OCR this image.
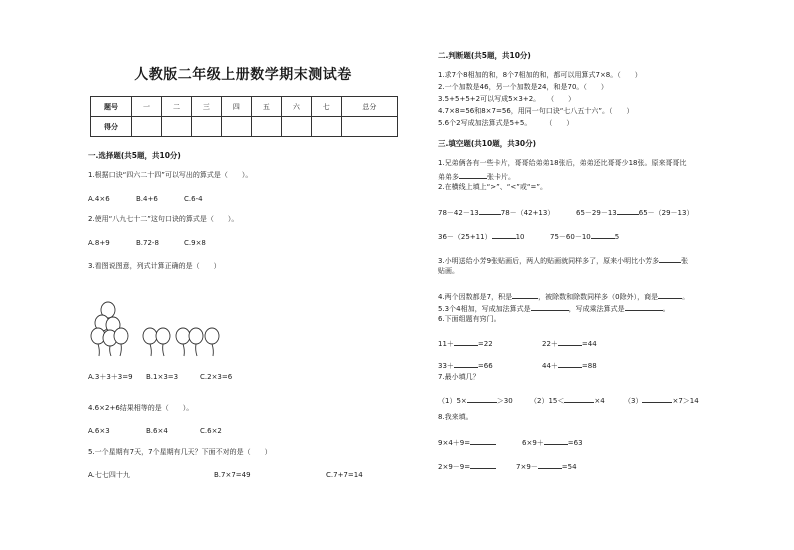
人教版二年级上册数学期末测试卷
题号	一	二	三	四	五	六	七	总分
得分								
一.选择题(共5题，共10分)
1.根据口诀“四六二十四”可以写出的算式是（　　）。
A.4×6	B.4+6	C.6-4
2.使用“八九七十二”这句口诀的算式是（　　）。
A.8+9	B.72-8	C.9×8
3.看图说图意，列式计算正确的是（　　）
A.3＋3＋3=9 B.1×3=3	C.2×3=6
4.6×2+6结果相等的是（　　）。
A.6×3	B.6×4	C.6×2
5.一个星期有7天，7个星期有几天？下面不对的是（　　）
A.七七四十九	B.7×7=49	C.7+7=14
二.判断题(共5题，共10分)
1.求7个8相加的和，8个7相加的和，都可以用算式7×8。（　　）
2.一个加数是46，另一个加数是24，和是70。（　　）
3.5+5+5+2可以写成5×3+2。　　（　　）
4.7×8=56和8×7=56，用同一句口诀“七八五十六”。（　　）
5.6个2写成加法算式是5+5。　　　（　　）
三.填空题(共10题，共30分)
1.兄弟俩各有一些卡片，哥哥给弟弟18张后，弟弟还比哥哥少18张。原来哥哥比
弟弟多	张卡片。
2.在横线上填上“>”、“<”或“=”。
78－42－13	78－（42+13）	65－29－13	65－（29－13）
36－（25+11）	10	75－60－10	5
3.小明送给小芳9张贴画后，两人的贴画就同样多了，原来小明比小芳多	张
贴画。
4.两个因数都是7，积是	，被除数和除数同样多（0除外），商是	。
5.3个4相加，写成加法算式是	，写成乘法算式是	。
6.下面组题有窍门。
11＋	=22	22＋	=44
33＋	=66	44＋	=88
7.最小填几？
（1）5×	＞30 （2）15＜	×4	（3）	×7＞14
8.我来填。
9×4＋9=	6×9＋	=63
2×9－9=	7×9－	=54
